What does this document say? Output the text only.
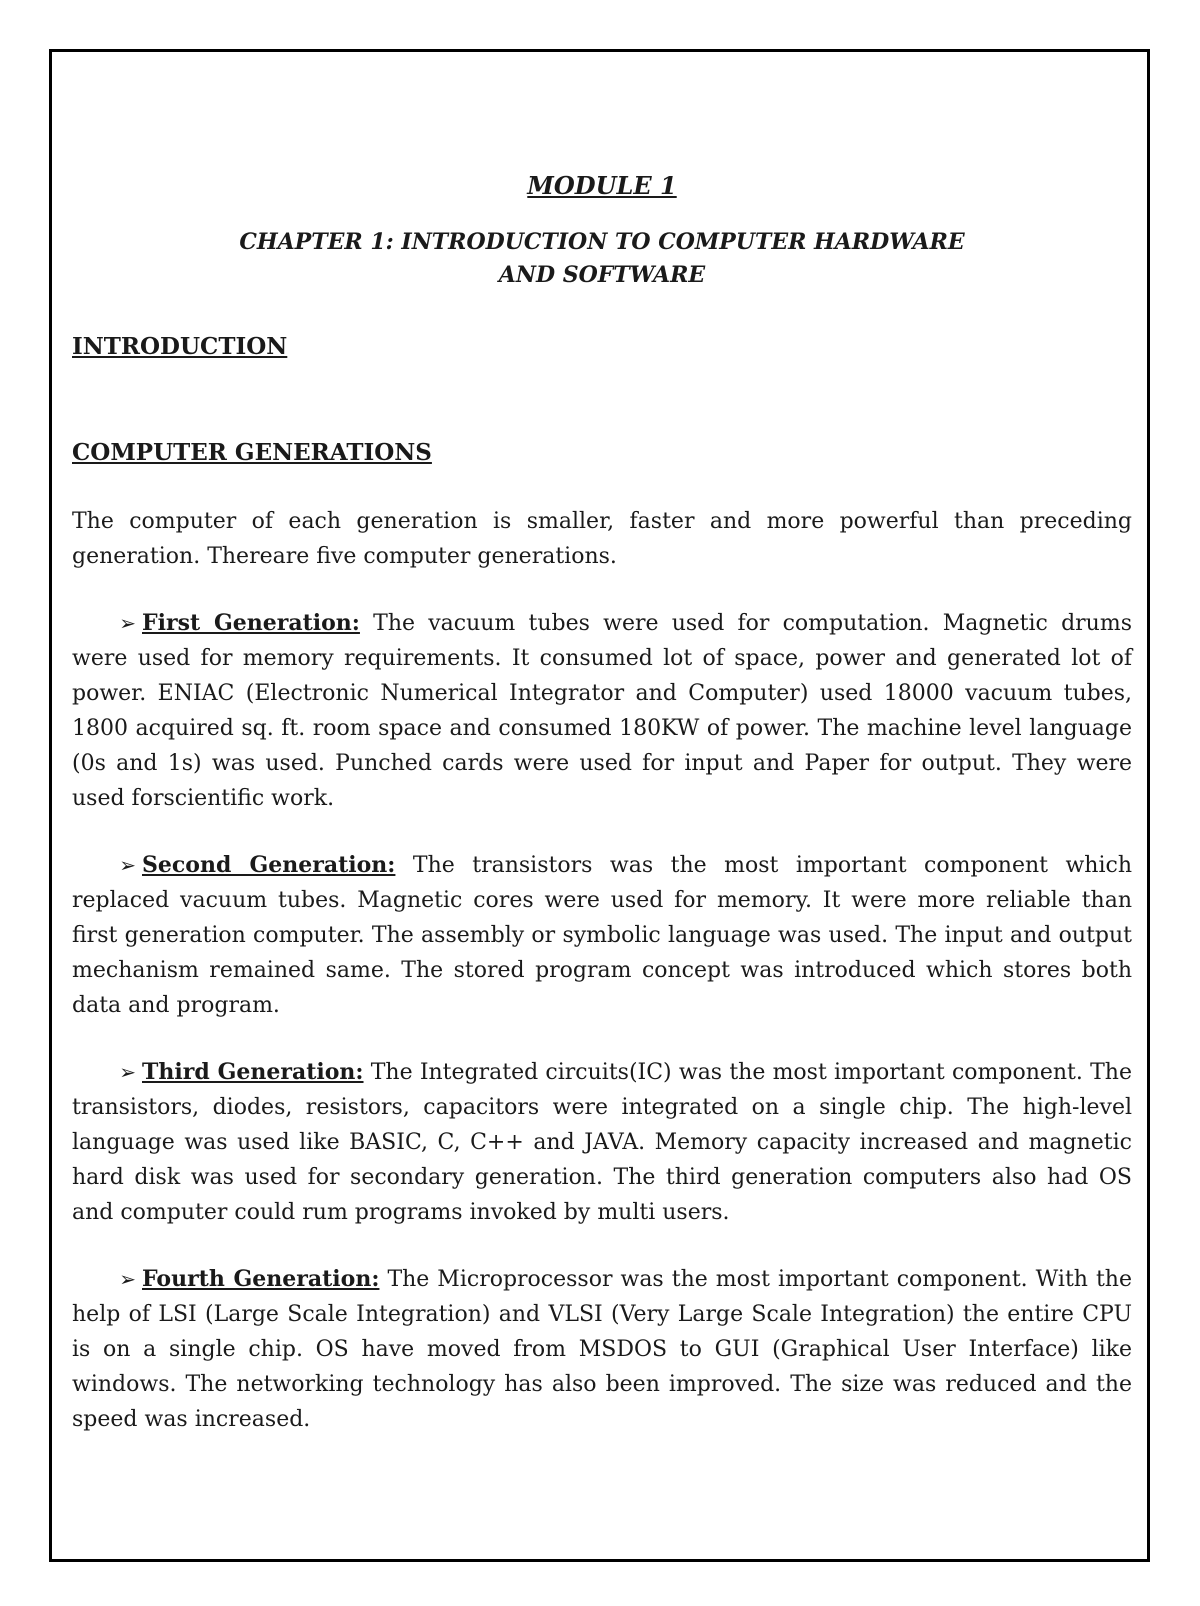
MODULE 1

CHAPTER 1: INTRODUCTION TO COMPUTER HARDWARE AND SOFTWARE

INTRODUCTION

COMPUTER GENERATIONS

The computer of each generation is smaller, faster and more powerful than preceding generation. Thereare five computer generations.

➢ First Generation: The vacuum tubes were used for computation. Magnetic drums were used for memory requirements. It consumed lot of space, power and generated lot of power. ENIAC (Electronic Numerical Integrator and Computer) used 18000 vacuum tubes, 1800 acquired sq. ft. room space and consumed 180KW of power. The machine level language (0s and 1s) was used. Punched cards were used for input and Paper for output. They were used forscientific work.

➢ Second Generation: The transistors was the most important component which replaced vacuum tubes. Magnetic cores were used for memory. It were more reliable than first generation computer. The assembly or symbolic language was used. The input and output mechanism remained same. The stored program concept was introduced which stores both data and program.

➢ Third Generation: The Integrated circuits(IC) was the most important component. The transistors, diodes, resistors, capacitors were integrated on a single chip. The high-level language was used like BASIC, C, C++ and JAVA. Memory capacity increased and magnetic hard disk was used for secondary generation. The third generation computers also had OS and computer could rum programs invoked by multi users.

➢ Fourth Generation: The Microprocessor was the most important component. With the help of LSI (Large Scale Integration) and VLSI (Very Large Scale Integration) the entire CPU is on a single chip. OS have moved from MSDOS to GUI (Graphical User Interface) like windows. The networking technology has also been improved. The size was reduced and the speed was increased.
